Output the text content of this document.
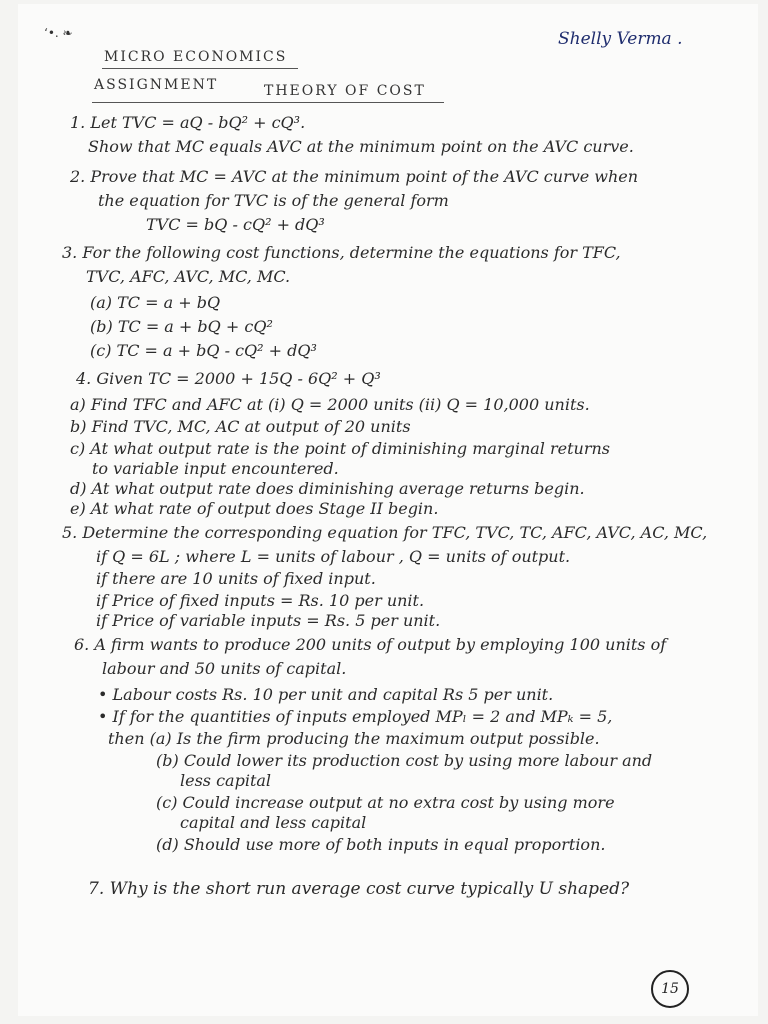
‘•. ❧	Shelly Verma .
MICRO ECONOMICS
ASSIGNMENT	THEORY OF COST
1. Let TVC = aQ - bQ² + cQ³.
Show that MC equals AVC at the minimum point on the AVC curve.
2. Prove that MC = AVC at the minimum point of the AVC curve when
the equation for TVC is of the general form
TVC = bQ - cQ² + dQ³
3. For the following cost functions, determine the equations for TFC,
TVC, AFC, AVC, MC, MC.
(a) TC = a + bQ
(b) TC = a + bQ + cQ²
(c) TC = a + bQ - cQ² + dQ³
4. Given TC = 2000 + 15Q - 6Q² + Q³
a) Find TFC and AFC at (i) Q = 2000 units (ii) Q = 10,000 units.
b) Find TVC, MC, AC at output of 20 units
c) At what output rate is the point of diminishing marginal returns
to variable input encountered.
d) At what output rate does diminishing average returns begin.
e) At what rate of output does Stage II begin.
5. Determine the corresponding equation for TFC, TVC, TC, AFC, AVC, AC, MC,
if Q = 6L ; where L = units of labour , Q = units of output.
if there are 10 units of fixed input.
if Price of fixed inputs = Rs. 10 per unit.
if Price of variable inputs = Rs. 5 per unit.
6. A firm wants to produce 200 units of output by employing 100 units of
labour and 50 units of capital.
• Labour costs Rs. 10 per unit and capital Rs 5 per unit.
• If for the quantities of inputs employed MPₗ = 2 and MPₖ = 5,
then (a) Is the firm producing the maximum output possible.
(b) Could lower its production cost by using more labour and
less capital
(c) Could increase output at no extra cost by using more
capital and less capital
(d) Should use more of both inputs in equal proportion.
7. Why is the short run average cost curve typically U shaped?
15
